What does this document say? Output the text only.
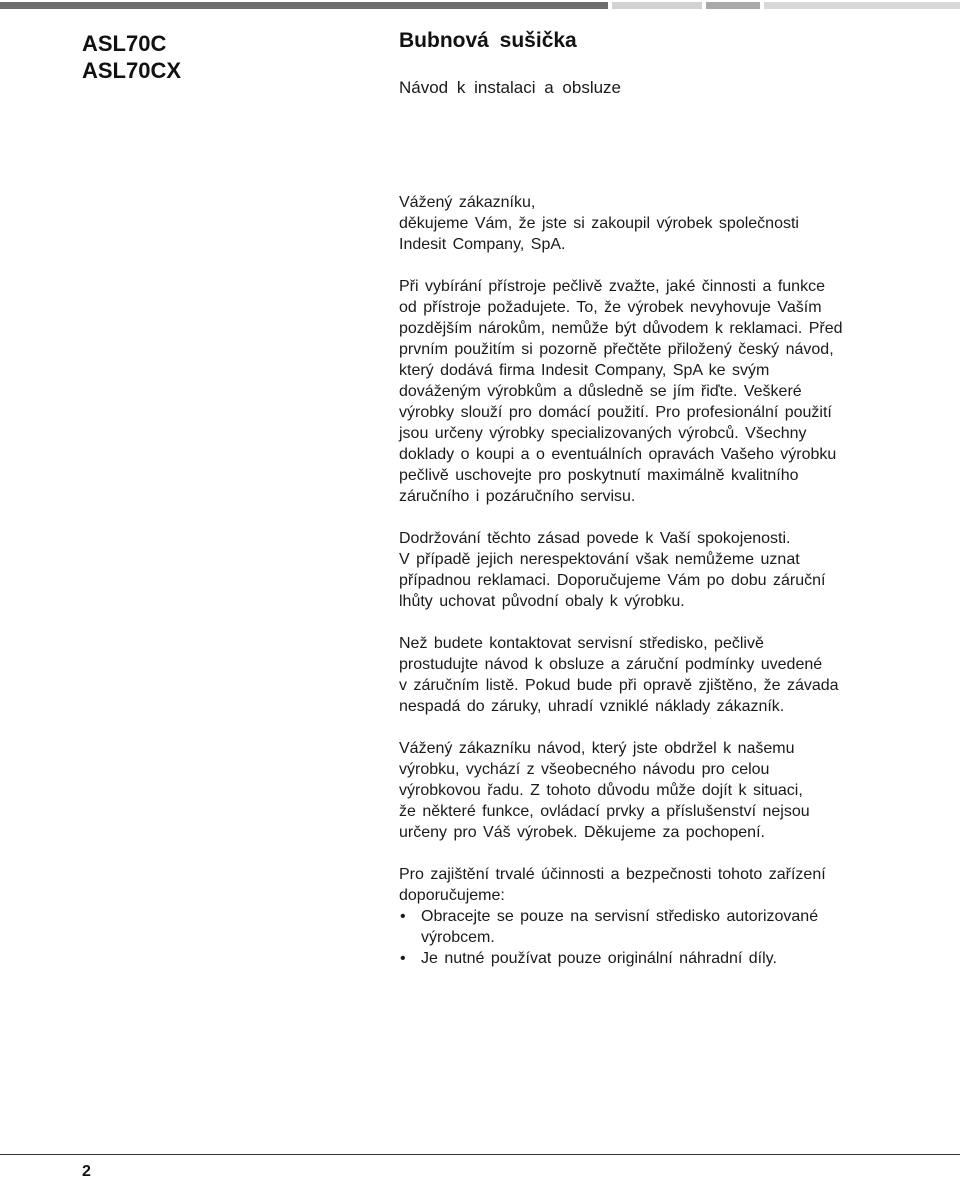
ASL70C
ASL70CX
Bubnová sušička
Návod k instalaci a obsluze

Vážený zákazníku,
děkujeme Vám, že jste si zakoupil výrobek společnosti
Indesit Company, SpA.

Při vybírání přístroje pečlivě zvažte, jaké činnosti a funkce
od přístroje požadujete. To, že výrobek nevyhovuje Vaším
pozdějším nárokům, nemůže být důvodem k reklamaci. Před
prvním použitím si pozorně přečtěte přiložený český návod,
který dodává firma Indesit Company, SpA ke svým
dováženým výrobkům a důsledně se jím řiďte. Veškeré
výrobky slouží pro domácí použití. Pro profesionální použití
jsou určeny výrobky specializovaných výrobců. Všechny
doklady o koupi a o eventuálních opravách Vašeho výrobku
pečlivě uschovejte pro poskytnutí maximálně kvalitního
záručního i pozáručního servisu.

Dodržování těchto zásad povede k Vaší spokojenosti.
V případě jejich nerespektování však nemůžeme uznat
případnou reklamaci. Doporučujeme Vám po dobu záruční
lhůty uchovat původní obaly k výrobku.

Než budete kontaktovat servisní středisko, pečlivě
prostudujte návod k obsluze a záruční podmínky uvedené
v záručním listě. Pokud bude při opravě zjištěno, že závada
nespadá do záruky, uhradí vzniklé náklady zákazník.

Vážený zákazníku návod, který jste obdržel k našemu
výrobku, vychází z všeobecného návodu pro celou
výrobkovou řadu. Z tohoto důvodu může dojít k situaci,
že některé funkce, ovládací prvky a příslušenství nejsou
určeny pro Váš výrobek. Děkujeme za pochopení.

Pro zajištění trvalé účinnosti a bezpečnosti tohoto zařízení
doporučujeme:
• Obracejte se pouze na servisní středisko autorizované
výrobcem.
• Je nutné používat pouze originální náhradní díly.
2
